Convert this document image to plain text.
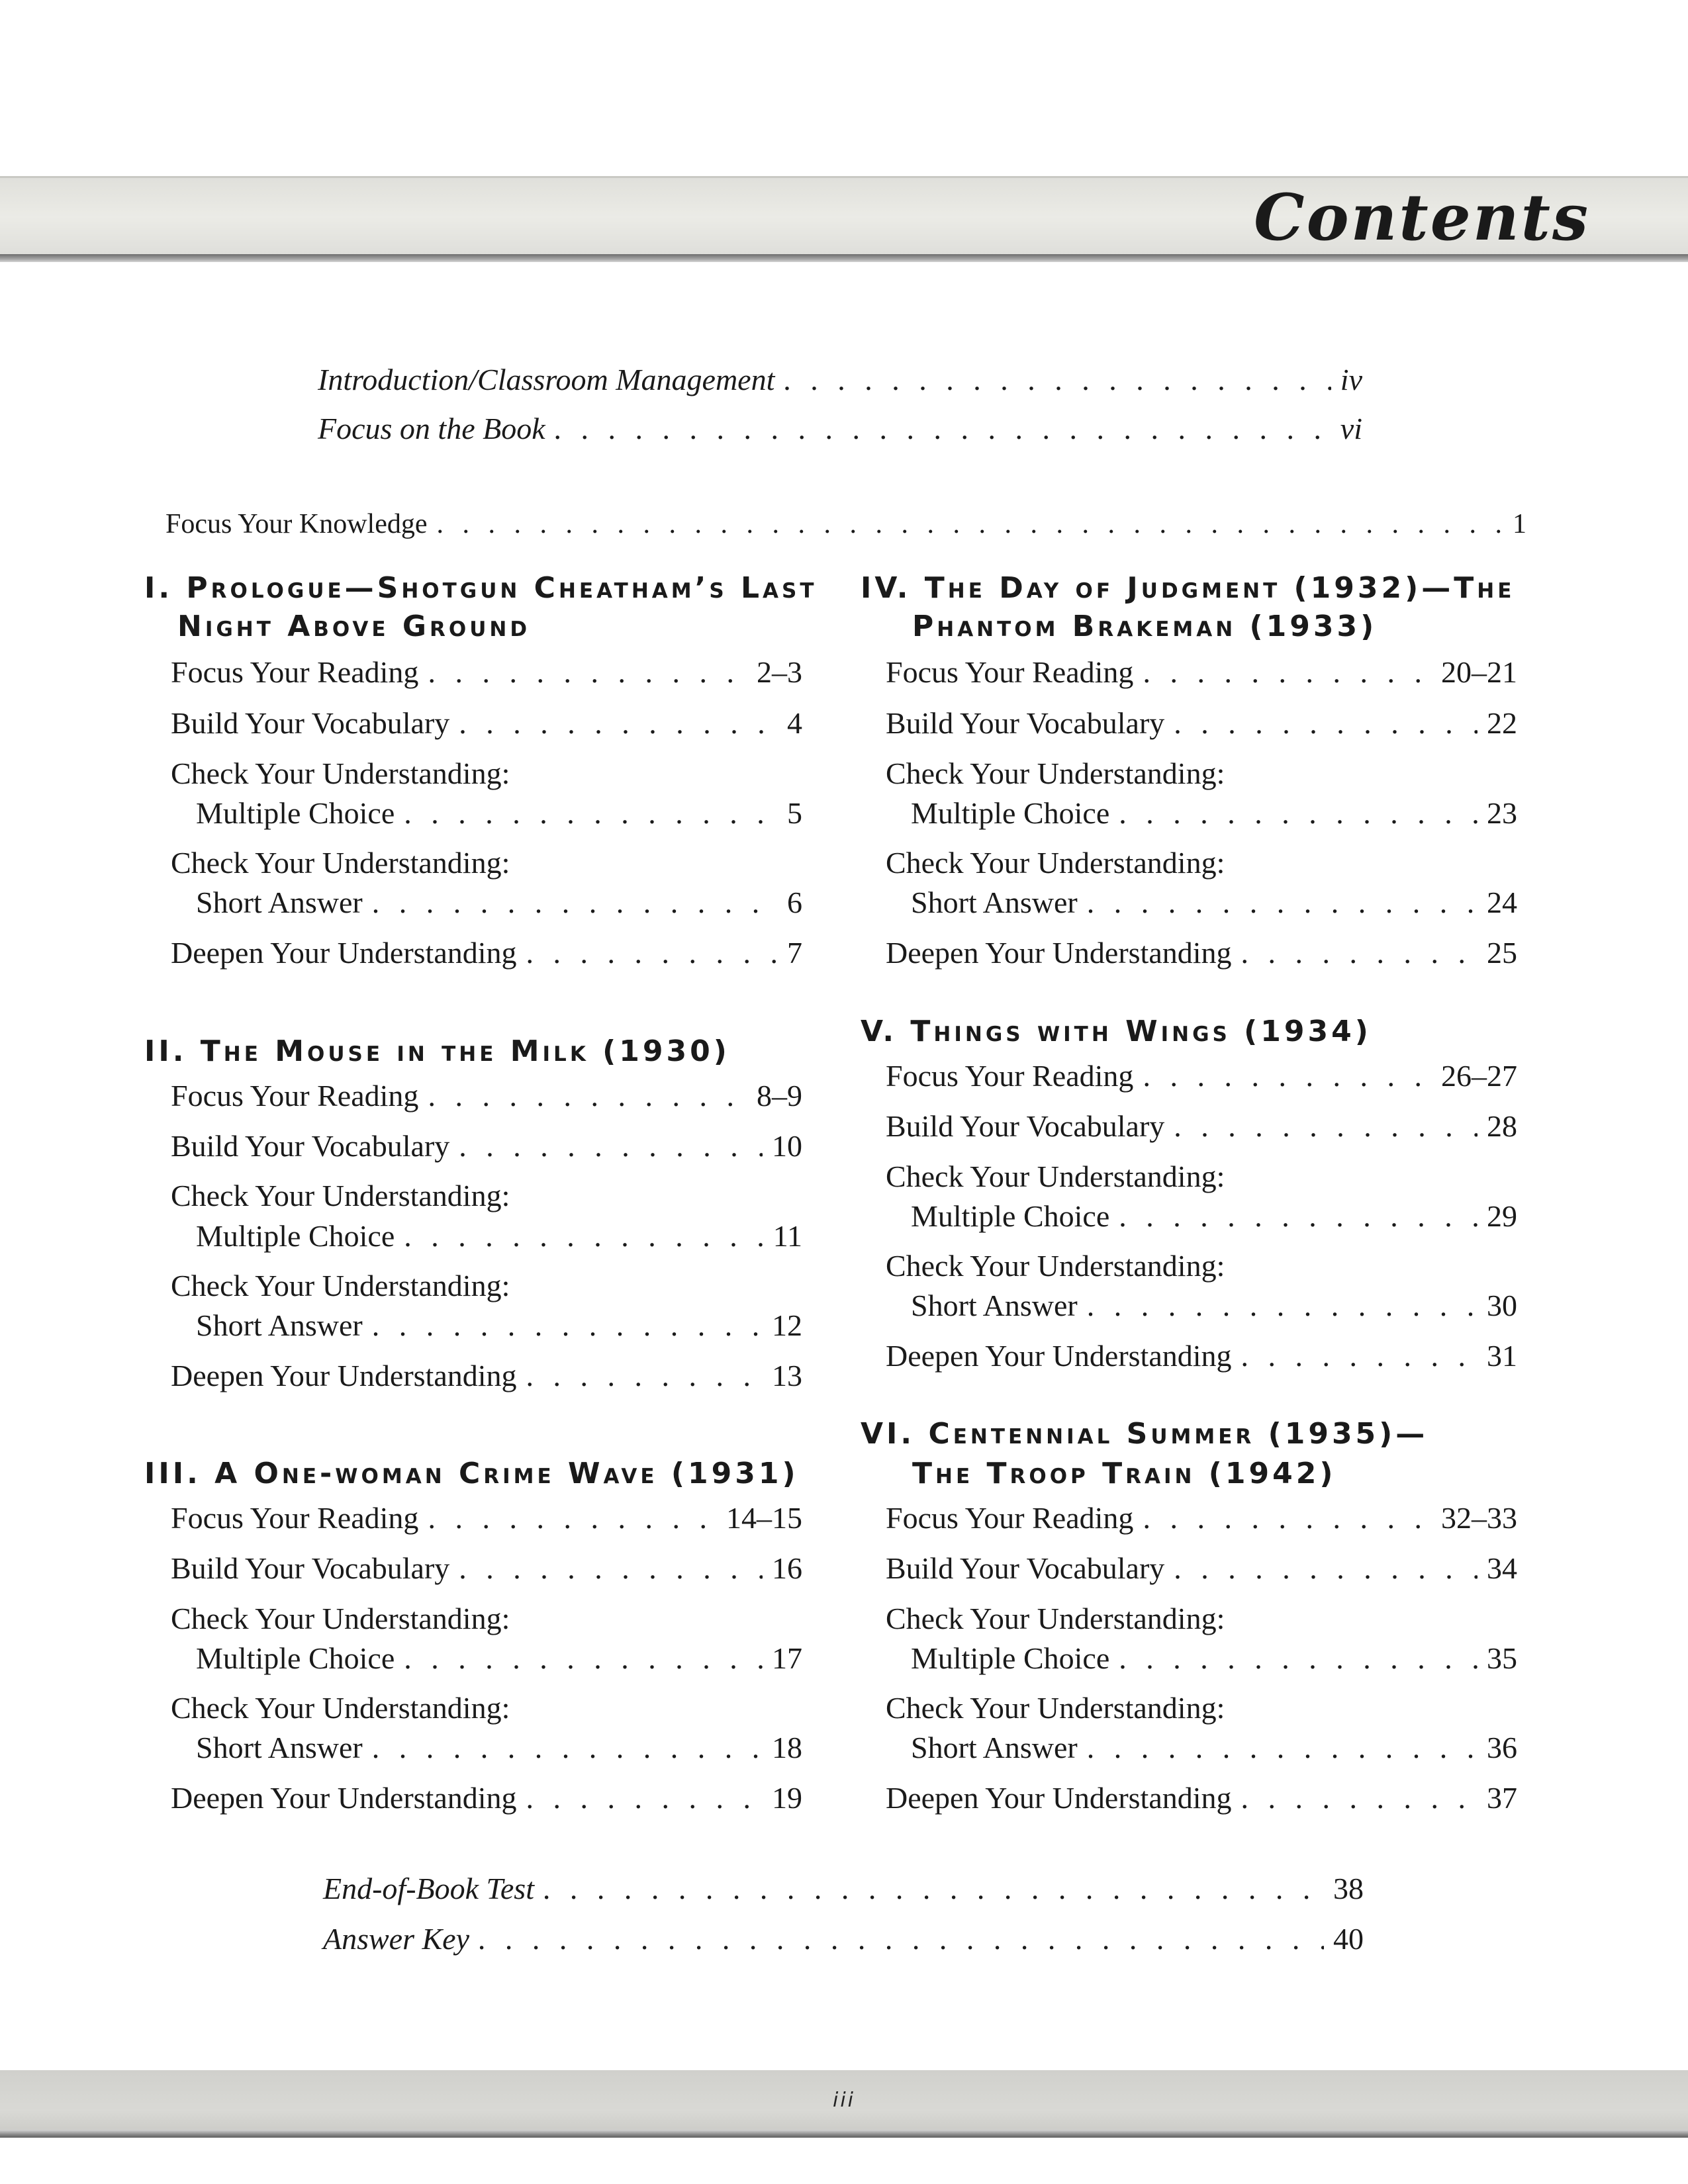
Contents
Introduction/Classroom Management . . .	iv
Focus on the Book . . .	vi
Focus Your Knowledge . . .	1
I. Prologue—Shotgun Cheatham’s Last
Night Above Ground
Focus Your Reading . . .	2–3
Build Your Vocabulary . . .	4
Check Your Understanding:
Multiple Choice . . .	5
Check Your Understanding:
Short Answer . . .	6
Deepen Your Understanding . . .	7
II. The Mouse in the Milk (1930)
Focus Your Reading . . .	8–9
Build Your Vocabulary . . .	10
Check Your Understanding:
Multiple Choice . . .	11
Check Your Understanding:
Short Answer . . .	12
Deepen Your Understanding . . .	13
III. A One-woman Crime Wave (1931)
Focus Your Reading . . .	14–15
Build Your Vocabulary . . .	16
Check Your Understanding:
Multiple Choice . . .	17
Check Your Understanding:
Short Answer . . .	18
Deepen Your Understanding . . .	19
IV. The Day of Judgment (1932)—The
Phantom Brakeman (1933)
Focus Your Reading . . .	20–21
Build Your Vocabulary . . .	22
Check Your Understanding:
Multiple Choice . . .	23
Check Your Understanding:
Short Answer . . .	24
Deepen Your Understanding . . .	25
V. Things with Wings (1934)
Focus Your Reading . . .	26–27
Build Your Vocabulary . . .	28
Check Your Understanding:
Multiple Choice . . .	29
Check Your Understanding:
Short Answer . . .	30
Deepen Your Understanding . . .	31
VI. Centennial Summer (1935)—
The Troop Train (1942)
Focus Your Reading . . .	32–33
Build Your Vocabulary . . .	34
Check Your Understanding:
Multiple Choice . . .	35
Check Your Understanding:
Short Answer . . .	36
Deepen Your Understanding . . .	37
End-of-Book Test . . .	38
Answer Key . . .	40
iii
